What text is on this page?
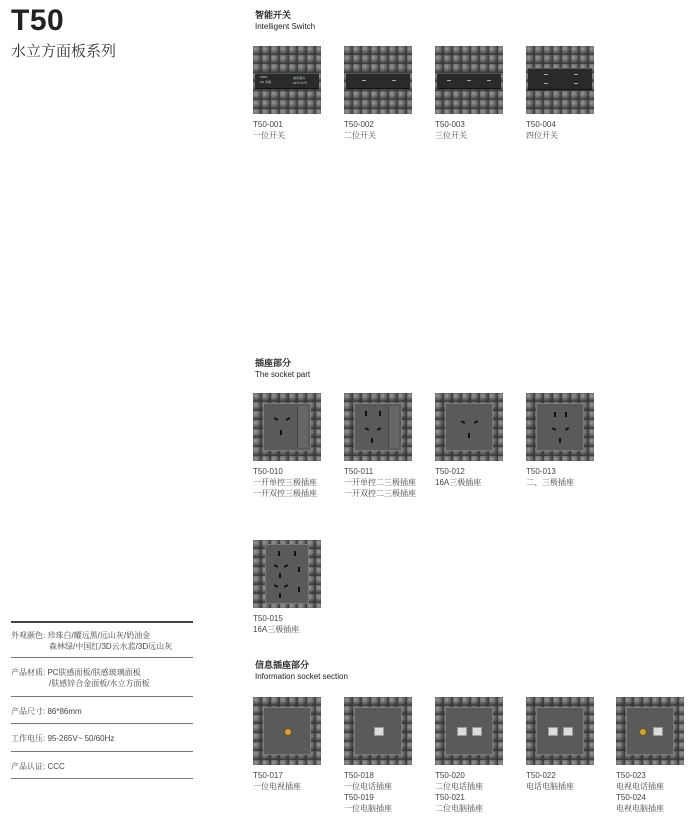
T50
水立方面板系列
智能开关
Intelligent Switch
TIOO
CC 多数
被动清冷
16℃ 27℃
T50-001
一位开关
T50-002
二位开关
T50-003
三位开关
T50-004
四位开关
插座部分
The socket part
T50-010
一开单控三极插座
一开双控三极插座
T50-011
一开单控二三极插座
一开双控二三极插座
T50-012
16A三极插座
T50-013
二、三极插座
T50-015
16A三极插座
信息插座部分
Information socket section
T50-017
一位电视插座
T50-018
一位电话插座
T50-019
一位电脑插座
T50-020
二位电话插座
T50-021
二位电脑插座
T50-022
电话电脑插座
T50-023
电视电话插座
T50-024
电视电脑插座
外观颜色: 珍珠白/耀远黑/远山灰/奶油金
森林绿/中国红/3D云水蓝/3D远山灰
产品材质: PC肤感面板/肤感玻璃面板
/肤感锌合金面板/水立方面板
产品尺寸: 86*86mm
工作电压: 95-265V~ 50/60Hz
产品认证: CCC
